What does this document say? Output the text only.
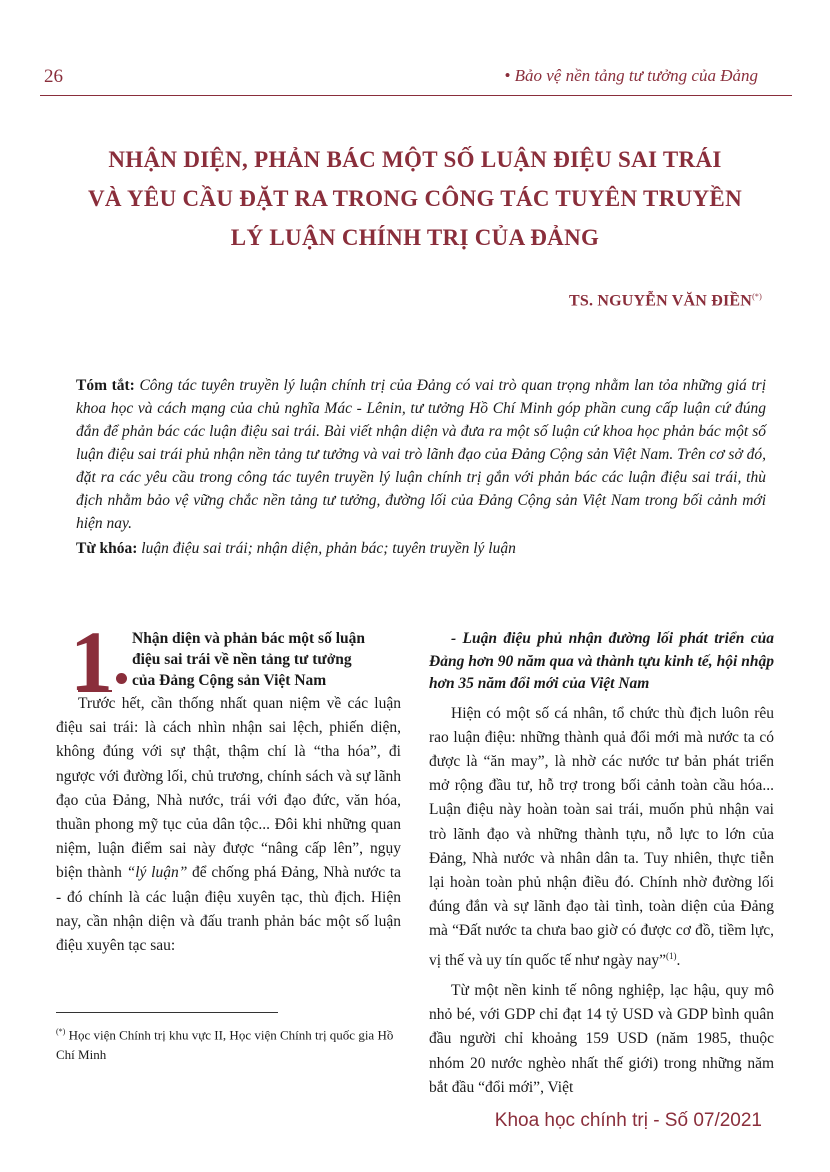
26	• Bảo vệ nền tảng tư tưởng của Đảng
NHẬN DIỆN, PHẢN BÁC MỘT SỐ LUẬN ĐIỆU SAI TRÁI
VÀ YÊU CẦU ĐẶT RA TRONG CÔNG TÁC TUYÊN TRUYỀN
LÝ LUẬN CHÍNH TRỊ CỦA ĐẢNG
TS. NGUYỄN VĂN ĐIỀN(*)

Tóm tắt: Công tác tuyên truyền lý luận chính trị của Đảng có vai trò quan trọng nhằm lan tỏa những giá trị khoa học và cách mạng của chủ nghĩa Mác - Lênin, tư tưởng Hồ Chí Minh góp phần cung cấp luận cứ đúng đắn để phản bác các luận điệu sai trái. Bài viết nhận diện và đưa ra một số luận cứ khoa học phản bác một số luận điệu sai trái phủ nhận nền tảng tư tưởng và vai trò lãnh đạo của Đảng Cộng sản Việt Nam. Trên cơ sở đó, đặt ra các yêu cầu trong công tác tuyên truyền lý luận chính trị gắn với phản bác các luận điệu sai trái, thù địch nhằm bảo vệ vững chắc nền tảng tư tưởng, đường lối của Đảng Cộng sản Việt Nam trong bối cảnh mới hiện nay.

Từ khóa: luận điệu sai trái; nhận diện, phản bác; tuyên truyền lý luận

1 Nhận diện và phản bác một số luận
điệu sai trái về nền tảng tư tưởng
của Đảng Cộng sản Việt Nam

Trước hết, cần thống nhất quan niệm về các luận điệu sai trái: là cách nhìn nhận sai lệch, phiến diện, không đúng với sự thật, thậm chí là “tha hóa”, đi ngược với đường lối, chủ trương, chính sách và sự lãnh đạo của Đảng, Nhà nước, trái với đạo đức, văn hóa, thuần phong mỹ tục của dân tộc... Đôi khi những quan niệm, luận điểm sai này được “nâng cấp lên”, ngụy biện thành “lý luận” để chống phá Đảng, Nhà nước ta - đó chính là các luận điệu xuyên tạc, thù địch. Hiện nay, cần nhận diện và đấu tranh phản bác một số luận điệu xuyên tạc sau:

- Luận điệu phủ nhận đường lối phát triển của Đảng hơn 90 năm qua và thành tựu kinh tế, hội nhập hơn 35 năm đổi mới của Việt Nam

Hiện có một số cá nhân, tổ chức thù địch luôn rêu rao luận điệu: những thành quả đổi mới mà nước ta có được là “ăn may”, là nhờ các nước tư bản phát triển mở rộng đầu tư, hỗ trợ trong bối cảnh toàn cầu hóa... Luận điệu này hoàn toàn sai trái, muốn phủ nhận vai trò lãnh đạo và những thành tựu, nỗ lực to lớn của Đảng, Nhà nước và nhân dân ta. Tuy nhiên, thực tiễn lại hoàn toàn phủ nhận điều đó. Chính nhờ đường lối đúng đắn và sự lãnh đạo tài tình, toàn diện của Đảng mà “Đất nước ta chưa bao giờ có được cơ đồ, tiềm lực, vị thế và uy tín quốc tế như ngày nay”$^{(1)}$.

Từ một nền kinh tế nông nghiệp, lạc hậu, quy mô nhỏ bé, với GDP chỉ đạt 14 tỷ USD và GDP bình quân đầu người chỉ khoảng 159 USD (năm 1985, thuộc nhóm 20 nước nghèo nhất thế giới) trong những năm bắt đầu “đổi mới”, Việt

(*) Học viện Chính trị khu vực II, Học viện Chính trị quốc gia Hồ Chí Minh
Khoa học chính trị - Số 07/2021
